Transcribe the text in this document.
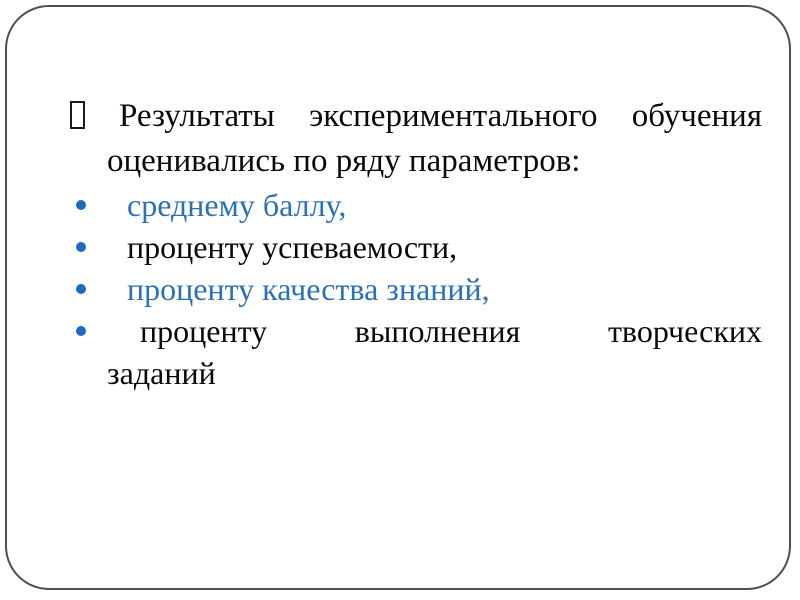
Результаты экспериментального обучения
оценивались по ряду параметров:
среднему баллу,
проценту успеваемости,
проценту качества знаний,
проценту	выполнения	творческих
заданий
